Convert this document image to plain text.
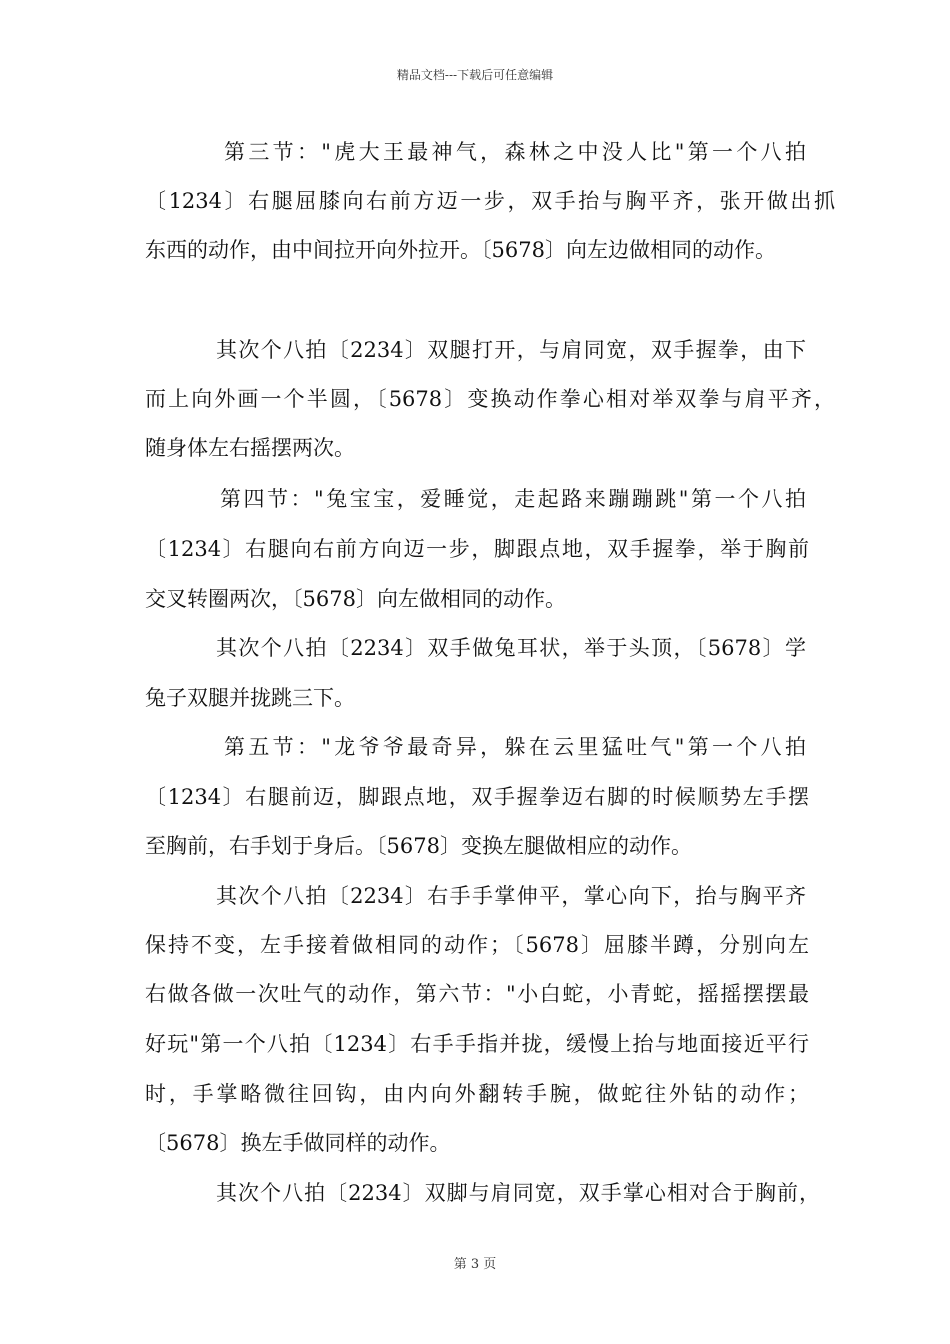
精品文档---下载后可任意编辑
第三节："虎大王最神气，森林之中没人比"第一个八拍
〔1234〕右腿屈膝向右前方迈一步，双手抬与胸平齐，张开做出抓
东西的动作，由中间拉开向外拉开。〔5678〕向左边做相同的动作。
其次个八拍〔2234〕双腿打开，与肩同宽，双手握拳，由下
而上向外画一个半圆，〔5678〕变换动作拳心相对举双拳与肩平齐，
随身体左右摇摆两次。
第四节："兔宝宝，爱睡觉，走起路来蹦蹦跳"第一个八拍
〔1234〕右腿向右前方向迈一步，脚跟点地，双手握拳，举于胸前
交叉转圈两次，〔5678〕向左做相同的动作。
其次个八拍〔2234〕双手做兔耳状，举于头顶，〔5678〕学
兔子双腿并拢跳三下。
第五节："龙爷爷最奇异，躲在云里猛吐气"第一个八拍
〔1234〕右腿前迈，脚跟点地，双手握拳迈右脚的时候顺势左手摆
至胸前，右手划于身后。〔5678〕变换左腿做相应的动作。
其次个八拍〔2234〕右手手掌伸平，掌心向下，抬与胸平齐
保持不变，左手接着做相同的动作；〔5678〕屈膝半蹲，分别向左
右做各做一次吐气的动作，第六节："小白蛇，小青蛇，摇摇摆摆最
好玩"第一个八拍〔1234〕右手手指并拢，缓慢上抬与地面接近平行
时，手掌略微往回钩，由内向外翻转手腕，做蛇往外钻的动作；
〔5678〕换左手做同样的动作。
其次个八拍〔2234〕双脚与肩同宽，双手掌心相对合于胸前，
第 3 页
